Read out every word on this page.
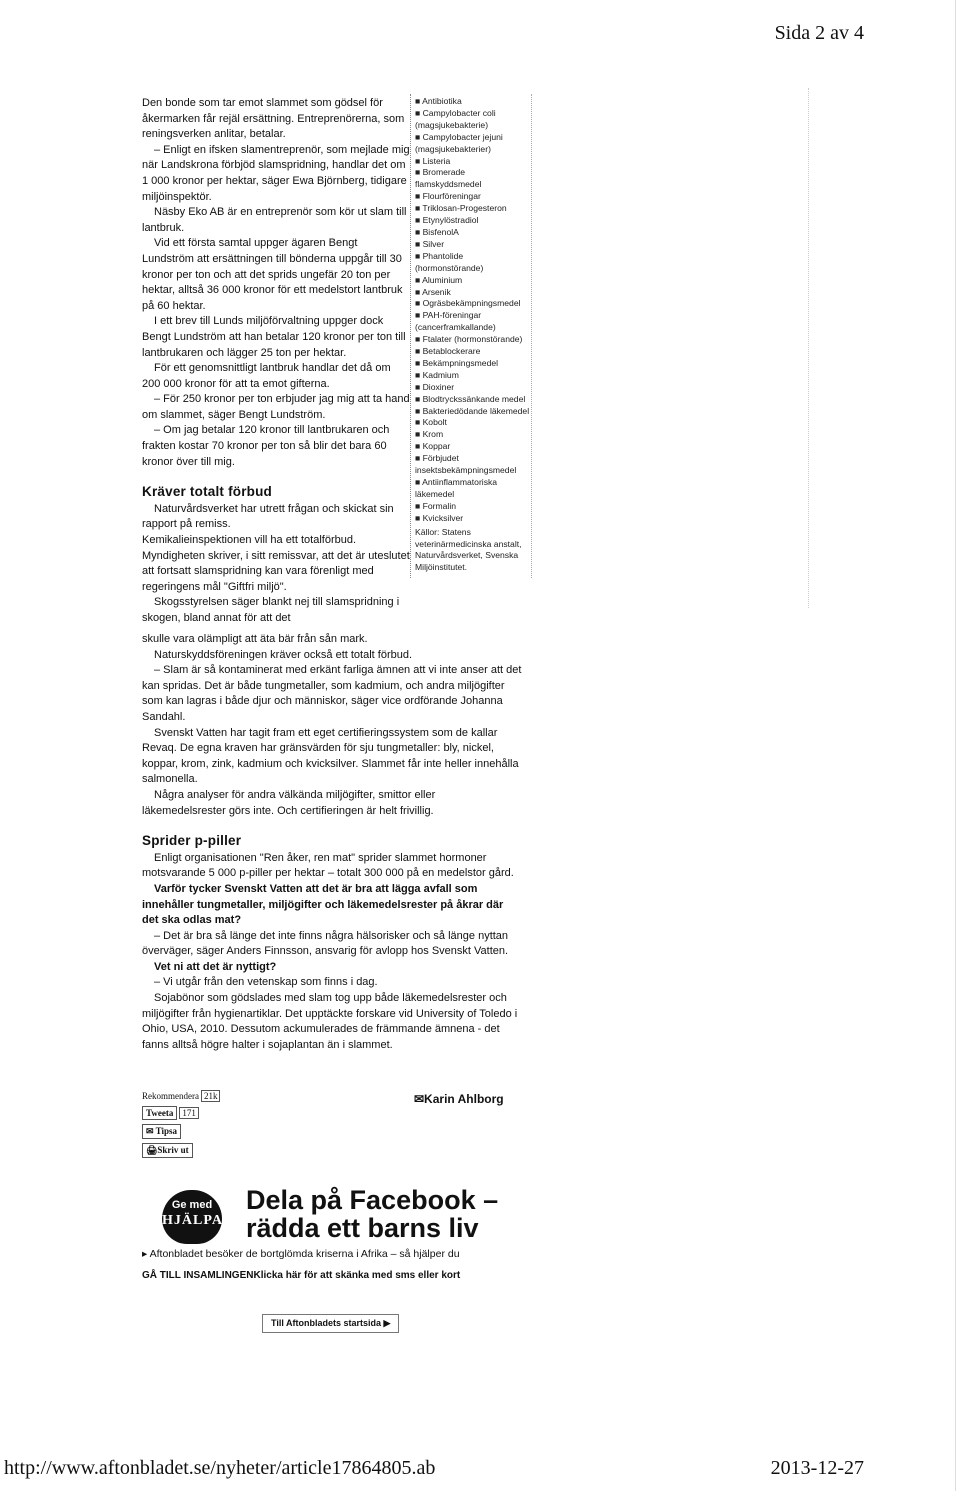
Sida 2 av 4

Den bonde som tar emot slammet som gödsel för åkermarken får rejäl ersättning. Entreprenörerna, som reningsverken anlitar, betalar.

– Enligt en ifsken slamentreprenör, som mejlade mig när Landskrona förbjöd slamspridning, handlar det om 1 000 kronor per hektar, säger Ewa Björnberg, tidigare miljöinspektör.

Näsby Eko AB är en entreprenör som kör ut slam till lantbruk.

Vid ett första samtal uppger ägaren Bengt Lundström att ersättningen till bönderna uppgår till 30 kronor per ton och att det sprids ungefär 20 ton per hektar, alltså 36 000 kronor för ett medelstort lantbruk på 60 hektar.

I ett brev till Lunds miljöförvaltning uppger dock Bengt Lundström att han betalar 120 kronor per ton till lantbrukaren och lägger 25 ton per hektar.

För ett genomsnittligt lantbruk handlar det då om 200 000 kronor för att ta emot gifterna.

– För 250 kronor per ton erbjuder jag mig att ta hand om slammet, säger Bengt Lundström.

– Om jag betalar 120 kronor till lantbrukaren och frakten kostar 70 kronor per ton så blir det bara 60 kronor över till mig.

Kräver totalt förbud

Naturvårdsverket har utrett frågan och skickat sin rapport på remiss.

Kemikalieinspektionen vill ha ett totalförbud. Myndigheten skriver, i sitt remissvar, att det är uteslutet att fortsatt slamspridning kan vara förenligt med regeringens mål "Giftfri miljö".

Skogsstyrelsen säger blankt nej till slamspridning i skogen, bland annat för att det

■ Antibiotika
■ Campylobacter coli (magsjukebakterie)
■ Campylobacter jejuni (magsjukebakterier)
■ Listeria
■ Bromerade flamskyddsmedel
■ Flourföreningar
■ Triklosan-Progesteron
■ Etynylöstradiol
■ BisfenolA
■ Silver
■ Phantolide (hormonstörande)
■ Aluminium
■ Arsenik
■ Ogräsbekämpningsmedel
■ PAH-föreningar (cancerframkallande)
■ Ftalater (hormonstörande)
■ Betablockerare
■ Bekämpningsmedel
■ Kadmium
■ Dioxiner
■ Blodtryckssänkande medel
■ Bakteriedödande läkemedel
■ Kobolt
■ Krom
■ Koppar
■ Förbjudet insektsbekämpningsmedel
■ Antiinflammatoriska läkemedel
■ Formalin
■ Kvicksilver
Källor: Statens veterinärmedicinska anstalt, Naturvårdsverket, Svenska Miljöinstitutet.

skulle vara olämpligt att äta bär från sån mark.

Naturskyddsföreningen kräver också ett totalt förbud.

– Slam är så kontaminerat med erkänt farliga ämnen att vi inte anser att det kan spridas. Det är både tungmetaller, som kadmium, och andra miljögifter som kan lagras i både djur och människor, säger vice ordförande Johanna Sandahl.

Svenskt Vatten har tagit fram ett eget certifieringssystem som de kallar Revaq. De egna kraven har gränsvärden för sju tungmetaller: bly, nickel, koppar, krom, zink, kadmium och kvicksilver. Slammet får inte heller innehålla salmonella.

Några analyser för andra välkända miljögifter, smittor eller läkemedelsrester görs inte. Och certifieringen är helt frivillig.

Sprider p-piller

Enligt organisationen "Ren åker, ren mat" sprider slammet hormoner motsvarande 5 000 p-piller per hektar – totalt 300 000 på en medelstor gård.

Varför tycker Svenskt Vatten att det är bra att lägga avfall som innehåller tungmetaller, miljögifter och läkemedelsrester på åkrar där det ska odlas mat?

– Det är bra så länge det inte finns några hälsorisker och så länge nyttan överväger, säger Anders Finnsson, ansvarig för avlopp hos Svenskt Vatten.

Vet ni att det är nyttigt?

– Vi utgår från den vetenskap som finns i dag.

Sojabönor som gödslades med slam tog upp både läkemedelsrester och miljögifter från hygienartiklar. Det upptäckte forskare vid University of Toledo i Ohio, USA, 2010. Dessutom ackumulerades de främmande ämnena - det fanns alltså högre halter i sojaplantan än i slammet.

Rekommendera 21k
Tweeta 171
✉ Tipsa
🖨Skriv ut
✉Karin Ahlborg
Ge med
HJÄLPA
Dela på Facebook – rädda ett barns liv
▸ Aftonbladet besöker de bortglömda kriserna i Afrika – så hjälper du
GÅ TILL INSAMLINGENKlicka här för att skänka med sms eller kort
Till Aftonbladets startsida ▶
http://www.aftonbladet.se/nyheter/article17864805.ab	2013-12-27
